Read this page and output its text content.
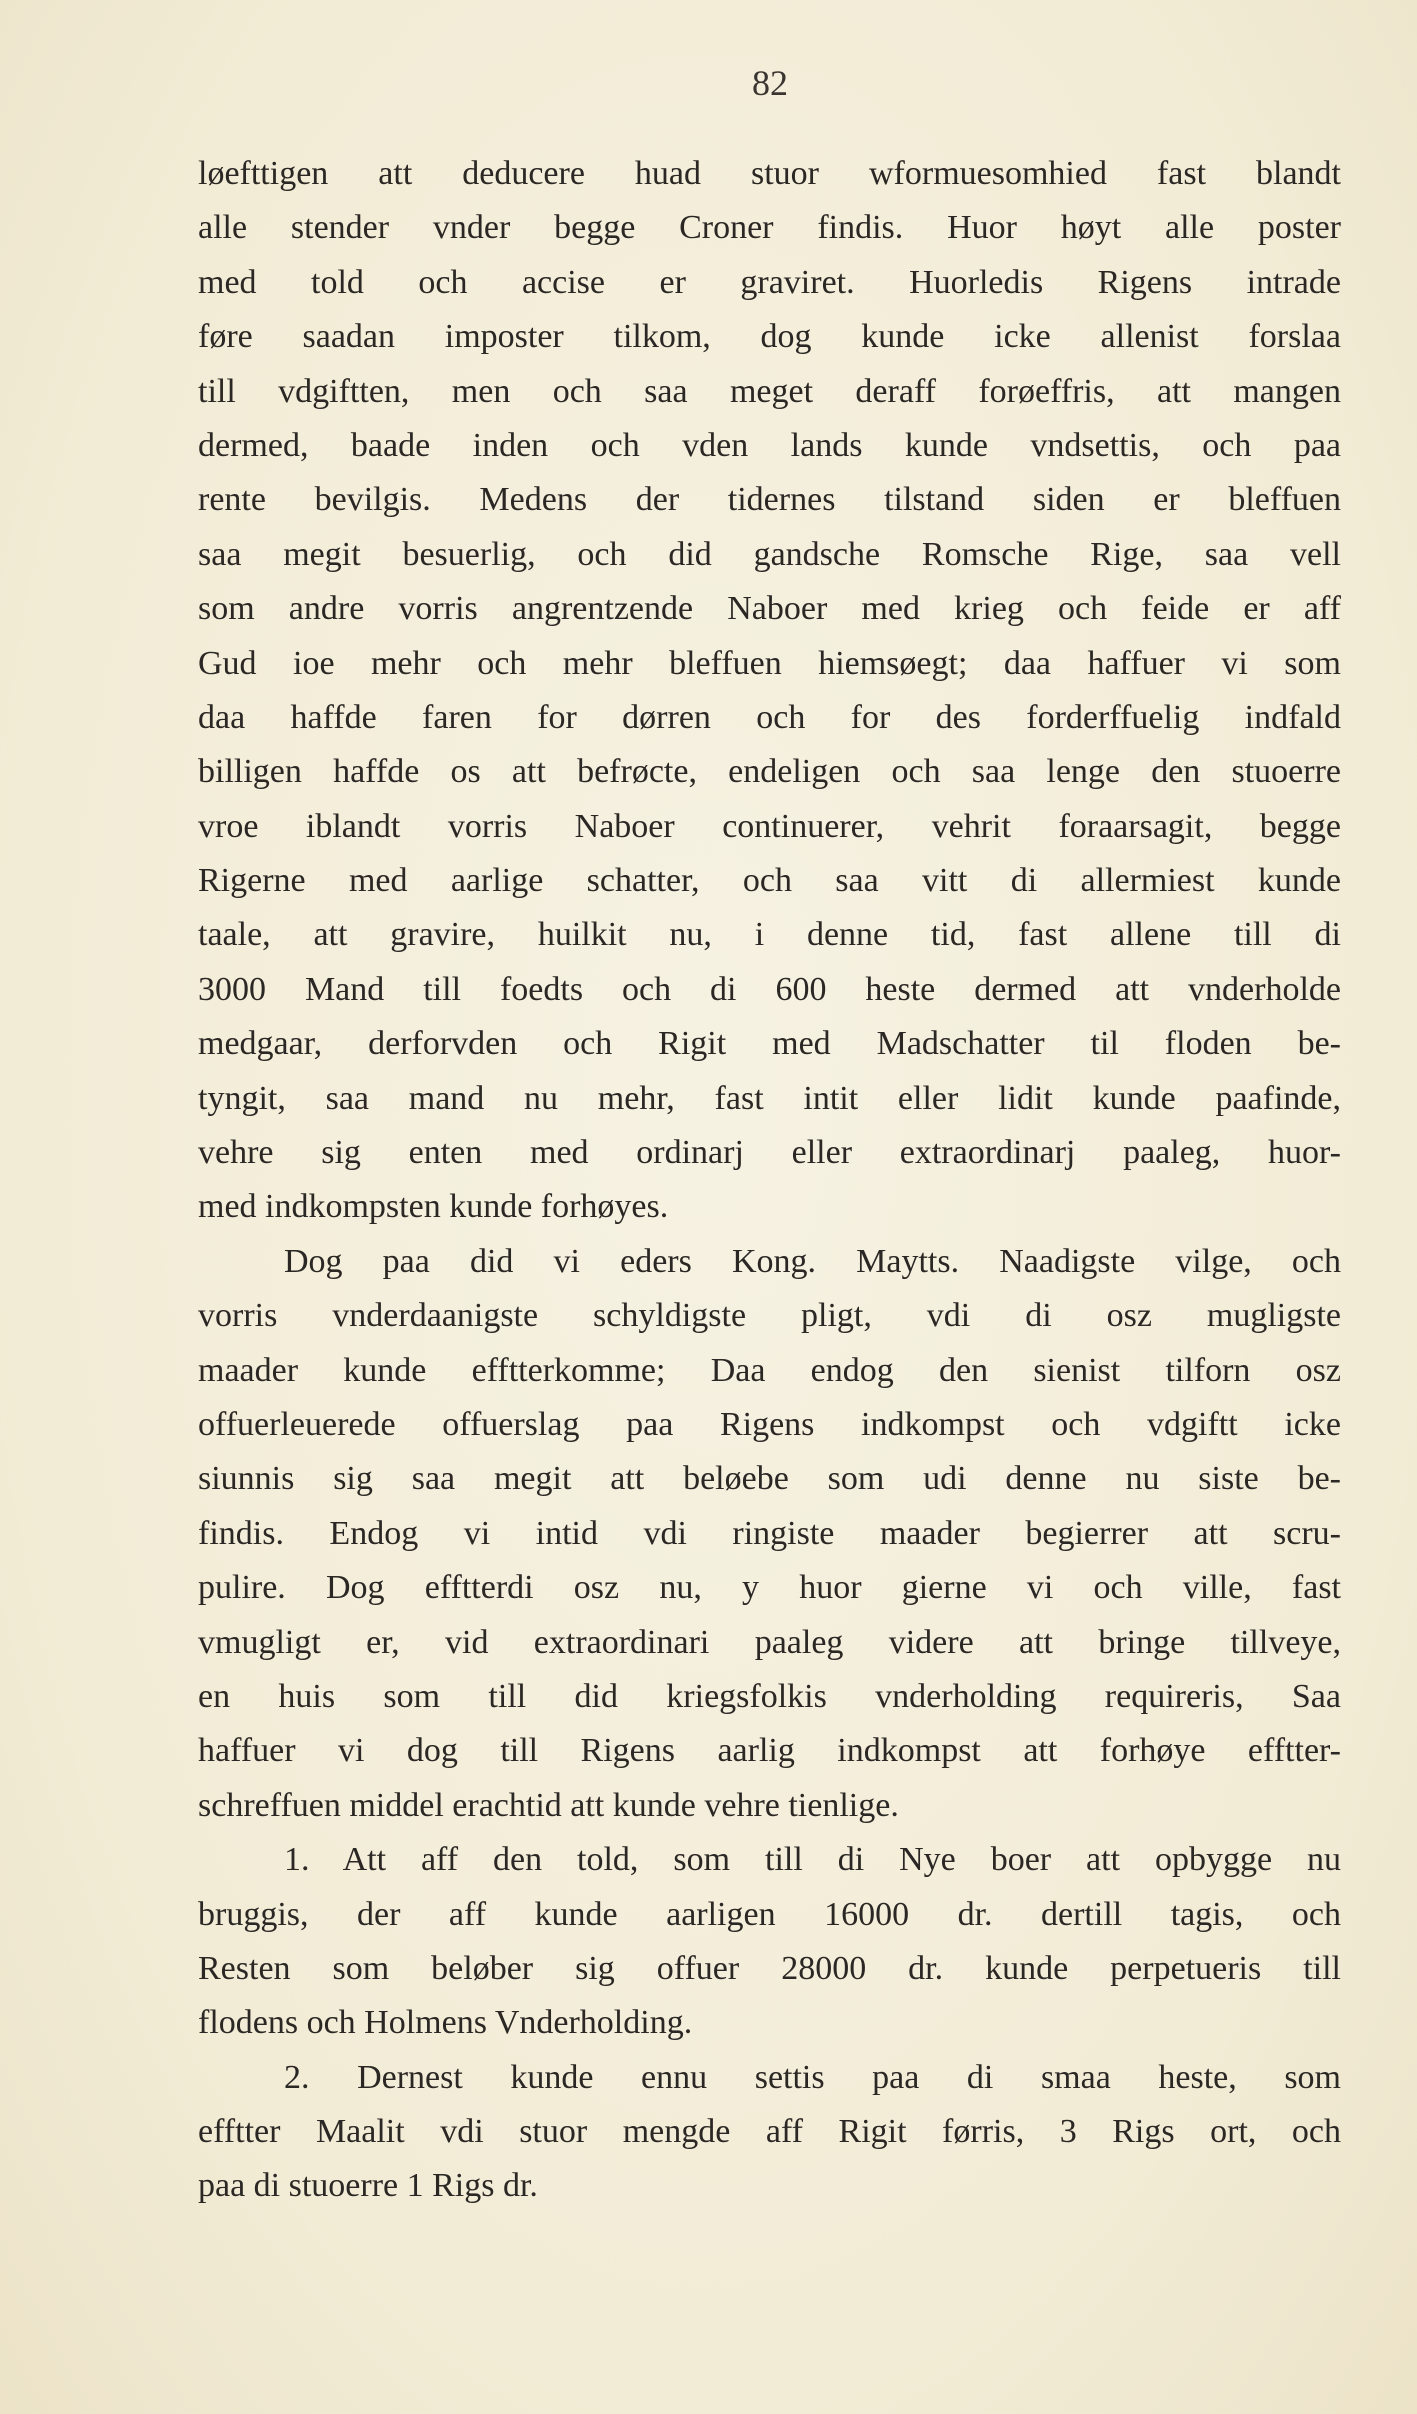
82
løefttigen att deducere huad stuor wformuesomhied fast blandt
alle stender vnder begge Croner findis. Huor høyt alle poster
med told och accise er graviret. Huorledis Rigens intrade
føre saadan imposter tilkom, dog kunde icke allenist forslaa
till vdgiftten, men och saa meget deraff forøeffris, att mangen
dermed, baade inden och vden lands kunde vndsettis, och paa
rente bevilgis. Medens der tidernes tilstand siden er bleffuen
saa megit besuerlig, och did gandsche Romsche Rige, saa vell
som andre vorris angrentzende Naboer med krieg och feide er aff
Gud ioe mehr och mehr bleffuen hiemsøegt; daa haffuer vi som
daa haffde faren for dørren och for des forderffuelig indfald
billigen haffde os att befrøcte, endeligen och saa lenge den stuoerre
vroe iblandt vorris Naboer continuerer, vehrit foraarsagit, begge
Rigerne med aarlige schatter, och saa vitt di allermiest kunde
taale, att gravire, huilkit nu, i denne tid, fast allene till di
3000 Mand till foedts och di 600 heste dermed att vnderholde
medgaar, derforvden och Rigit med Madschatter til floden be-
tyngit, saa mand nu mehr, fast intit eller lidit kunde paafinde,
vehre sig enten med ordinarj eller extraordinarj paaleg, huor-
med indkompsten kunde forhøyes.
Dog paa did vi eders Kong. Maytts. Naadigste vilge, och
vorris vnderdaanigste schyldigste pligt, vdi di osz mugligste
maader kunde efftterkomme; Daa endog den sienist tilforn osz
offuerleuerede offuerslag paa Rigens indkompst och vdgiftt icke
siunnis sig saa megit att beløebe som udi denne nu siste be-
findis. Endog vi intid vdi ringiste maader begierrer att scru-
pulire. Dog efftterdi osz nu, y huor gierne vi och ville, fast
vmugligt er, vid extraordinari paaleg videre att bringe tillveye,
en huis som till did kriegsfolkis vnderholding requireris, Saa
haffuer vi dog till Rigens aarlig indkompst att forhøye efftter-
schreffuen middel erachtid att kunde vehre tienlige.
1. Att aff den told, som till di Nye boer att opbygge nu
bruggis, der aff kunde aarligen 16000 dr. dertill tagis, och
Resten som beløber sig offuer 28000 dr. kunde perpetueris till
flodens och Holmens Vnderholding.
2. Dernest kunde ennu settis paa di smaa heste, som
efftter Maalit vdi stuor mengde aff Rigit førris, 3 Rigs ort, och
paa di stuoerre 1 Rigs dr.
